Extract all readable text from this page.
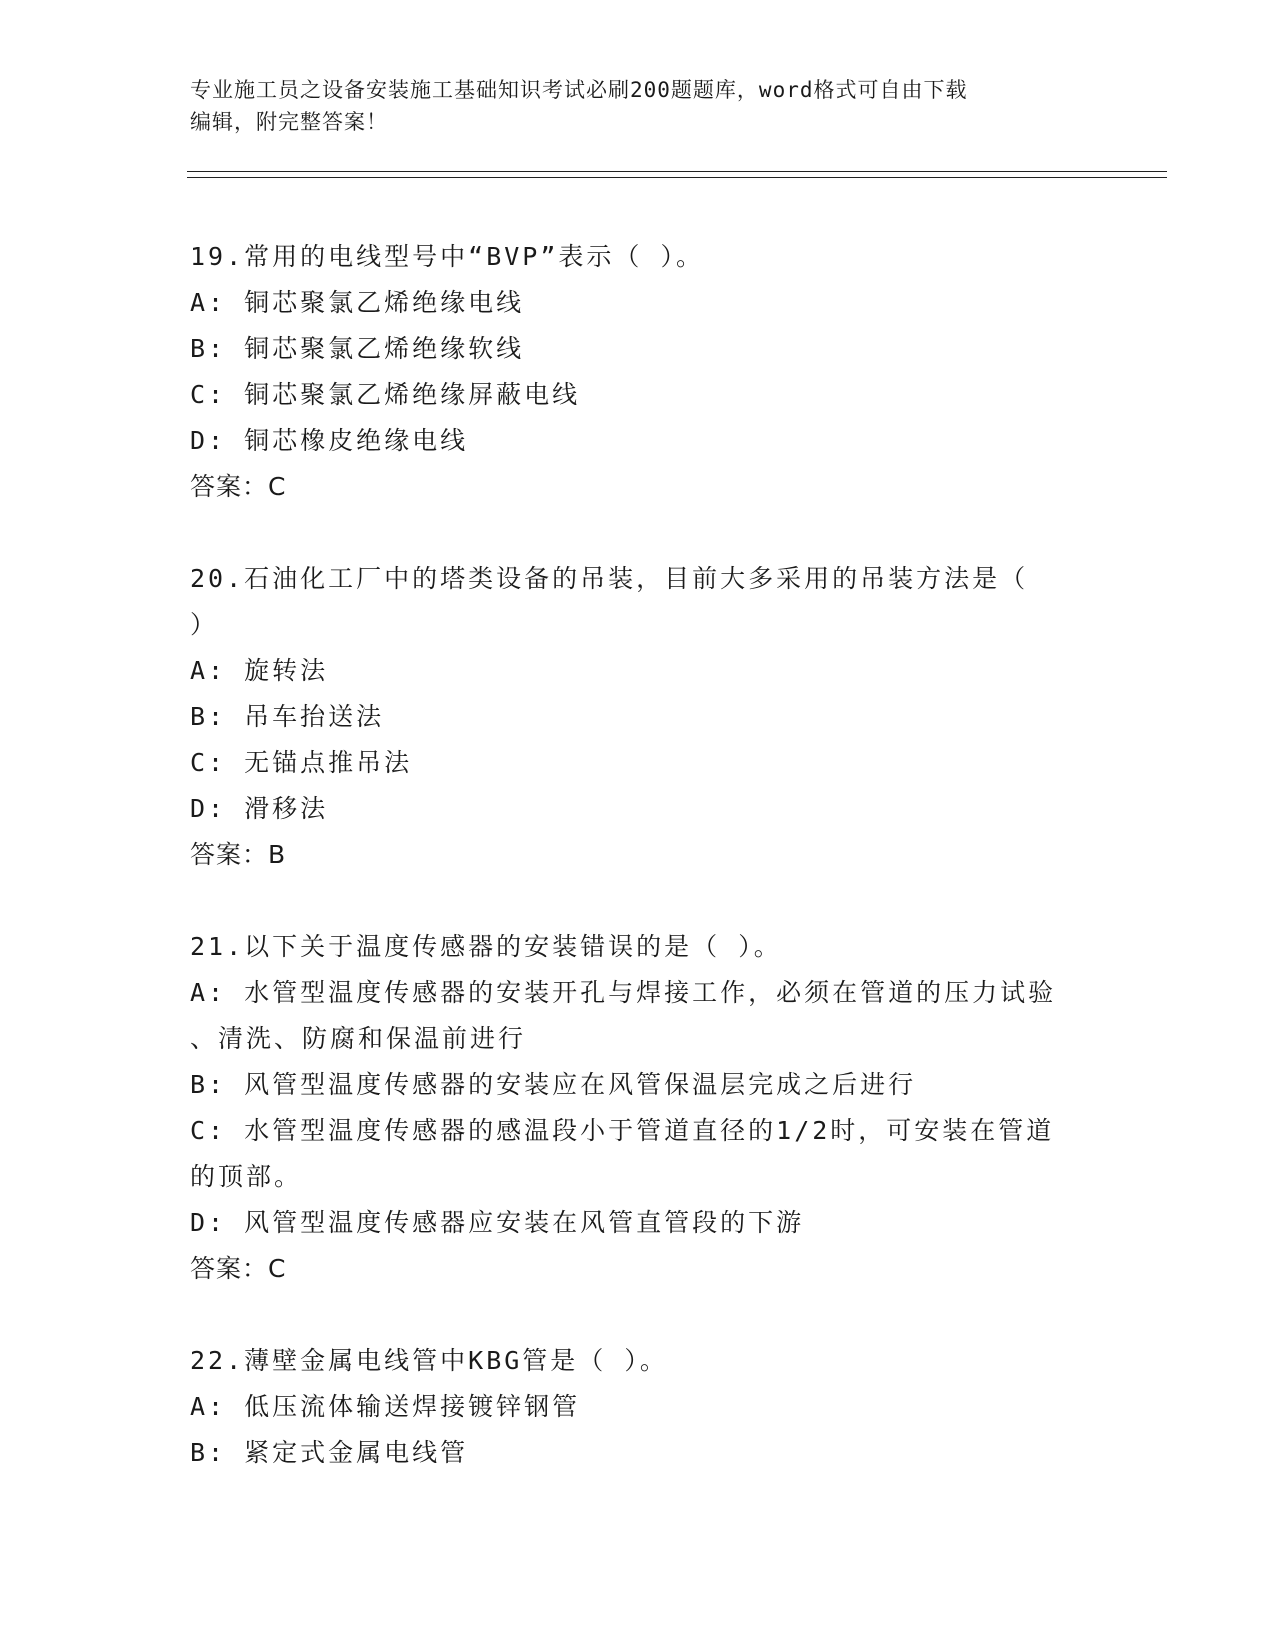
专业施工员之设备安装施工基础知识考试必刷200题题库，word格式可自由下载
编辑，附完整答案！
19.常用的电线型号中“BVP”表示（ ）。
A: 铜芯聚氯乙烯绝缘电线
B: 铜芯聚氯乙烯绝缘软线
C: 铜芯聚氯乙烯绝缘屏蔽电线
D: 铜芯橡皮绝缘电线
答案：C
20.石油化工厂中的塔类设备的吊装，目前大多采用的吊装方法是（
）
A: 旋转法
B: 吊车抬送法
C: 无锚点推吊法
D: 滑移法
答案：B
21.以下关于温度传感器的安装错误的是（ ）。
A: 水管型温度传感器的安装开孔与焊接工作，必须在管道的压力试验
、清洗、防腐和保温前进行
B: 风管型温度传感器的安装应在风管保温层完成之后进行
C: 水管型温度传感器的感温段小于管道直径的1/2时，可安装在管道
的顶部。
D: 风管型温度传感器应安装在风管直管段的下游
答案：C
22.薄壁金属电线管中KBG管是（ ）。
A: 低压流体输送焊接镀锌钢管
B: 紧定式金属电线管
